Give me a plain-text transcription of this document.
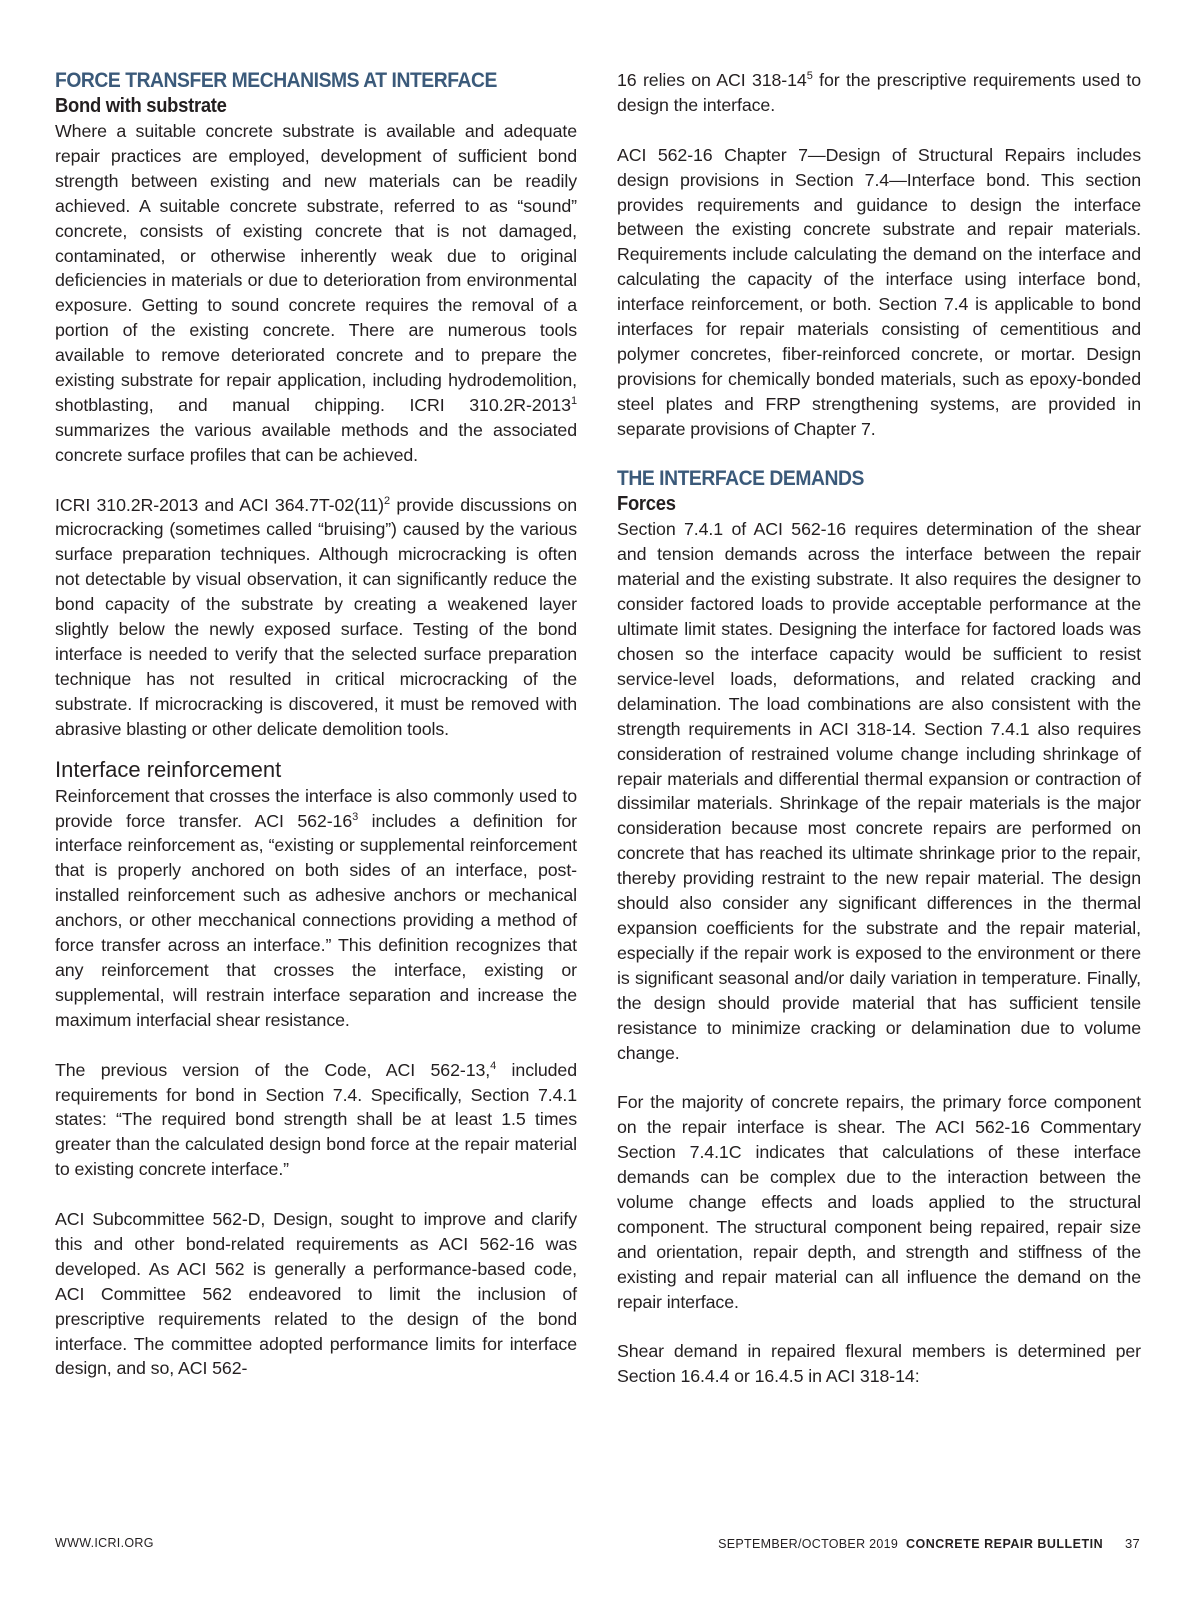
FORCE TRANSFER MECHANISMS AT INTERFACE
Bond with substrate

Where a suitable concrete substrate is available and adequate repair practices are employed, development of sufficient bond strength between existing and new materials can be readily achieved. A suitable concrete substrate, referred to as “sound” concrete, consists of existing concrete that is not damaged, contaminated, or otherwise inherently weak due to original deficiencies in materials or due to deterioration from environmental exposure. Getting to sound concrete requires the removal of a portion of the existing concrete. There are numerous tools available to remove deteriorated concrete and to prepare the existing substrate for repair application, including hydrodemolition, shotblasting, and manual chipping. ICRI 310.2R-2013$^1$ summarizes the various available methods and the associated concrete surface profiles that can be achieved.

ICRI 310.2R-2013 and ACI $364.7T-02(11)^2$ provide discussions on microcracking (sometimes called “bruising”) caused by the various surface preparation techniques. Although microcracking is often not detectable by visual observation, it can significantly reduce the bond capacity of the substrate by creating a weakened layer slightly below the newly exposed surface. Testing of the bond interface is needed to verify that the selected surface preparation technique has not resulted in critical microcracking of the substrate. If microcracking is discovered, it must be removed with abrasive blasting or other delicate demolition tools.

Interface reinforcement

Reinforcement that crosses the interface is also commonly used to provide force transfer. ACI $562-16^3$ includes a definition for interface reinforcement as, “existing or supplemental reinforcement that is properly anchored on both sides of an interface, post-installed reinforcement such as adhesive anchors or mechanical anchors, or other mecchanical connections providing a method of force transfer across an interface.” This definition recognizes that any reinforcement that crosses the interface, existing or supplemental, will restrain interface separation and increase the maximum interfacial shear resistance.

The previous version of the Code, ACI 562-13,$^4$ included requirements for bond in Section 7.4. Specifically, Section 7.4.1 states: “The required bond strength shall be at least 1.5 times greater than the calculated design bond force at the repair material to existing concrete interface.”

ACI Subcommittee 562-D, Design, sought to improve and clarify this and other bond-related requirements as ACI 562-16 was developed. As ACI 562 is generally a performance-based code, ACI Committee 562 endeavored to limit the inclusion of prescriptive requirements related to the design of the bond interface. The committee adopted performance limits for interface design, and so, ACI 562-

16 relies on ACI $318-14^5$ for the prescriptive requirements used to design the interface.

ACI 562-16 Chapter 7—Design of Structural Repairs includes design provisions in Section 7.4—Interface bond. This section provides requirements and guidance to design the interface between the existing concrete substrate and repair materials. Requirements include calculating the demand on the interface and calculating the capacity of the interface using interface bond, interface reinforcement, or both. Section 7.4 is applicable to bond interfaces for repair materials consisting of cementitious and polymer concretes, fiber-reinforced concrete, or mortar. Design provisions for chemically bonded materials, such as epoxy-bonded steel plates and FRP strengthening systems, are provided in separate provisions of Chapter 7.

THE INTERFACE DEMANDS
Forces

Section 7.4.1 of ACI 562-16 requires determination of the shear and tension demands across the interface between the repair material and the existing substrate. It also requires the designer to consider factored loads to provide acceptable performance at the ultimate limit states. Designing the interface for factored loads was chosen so the interface capacity would be sufficient to resist service-level loads, deformations, and related cracking and delamination. The load combinations are also consistent with the strength requirements in ACI 318-14. Section 7.4.1 also requires consideration of restrained volume change including shrinkage of repair materials and differential thermal expansion or contraction of dissimilar materials. Shrinkage of the repair materials is the major consideration because most concrete repairs are performed on concrete that has reached its ultimate shrinkage prior to the repair, thereby providing restraint to the new repair material. The design should also consider any significant differences in the thermal expansion coefficients for the substrate and the repair material, especially if the repair work is exposed to the environment or there is significant seasonal and/or daily variation in temperature. Finally, the design should provide material that has sufficient tensile resistance to minimize cracking or delamination due to volume change.

For the majority of concrete repairs, the primary force component on the repair interface is shear. The ACI 562-16 Commentary Section 7.4.1C indicates that calculations of these interface demands can be complex due to the interaction between the volume change effects and loads applied to the structural component. The structural component being repaired, repair size and orientation, repair depth, and strength and stiffness of the existing and repair material can all influence the demand on the repair interface.

Shear demand in repaired flexural members is determined per Section 16.4.4 or 16.4.5 in ACI 318-14:

WWW.ICRI.ORG	SEPTEMBER/OCTOBER 2019 CONCRETE REPAIR BULLETIN 37
